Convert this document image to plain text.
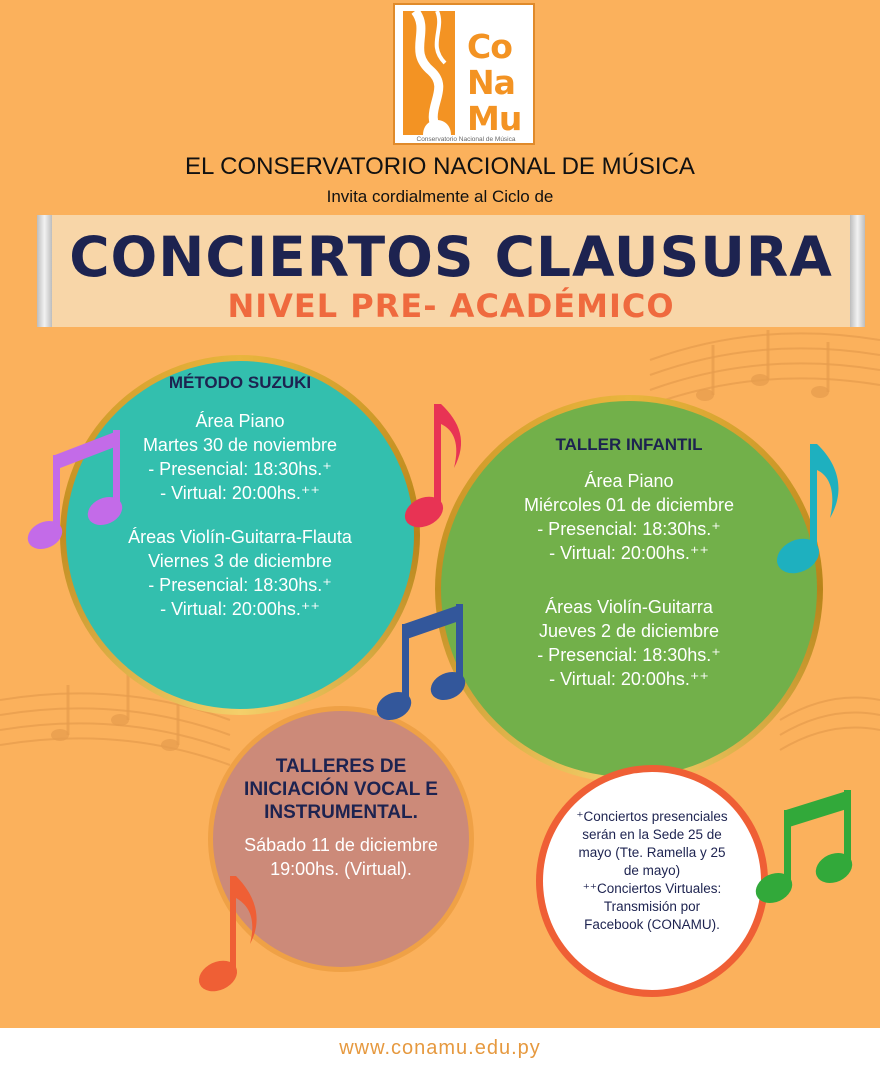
Co
Na
Mu
Conservatorio Nacional de Música
EL CONSERVATORIO NACIONAL DE MÚSICA
Invita cordialmente al Ciclo de
CONCIERTOS CLAUSURA
NIVEL PRE- ACADÉMICO
MÉTODO SUZUKI
Área Piano
Martes 30 de noviembre
- Presencial: 18:30hs.⁺
- Virtual: 20:00hs.⁺⁺
Áreas Violín-Guitarra-Flauta
Viernes 3 de diciembre
- Presencial: 18:30hs.⁺
- Virtual: 20:00hs.⁺⁺
TALLER INFANTIL
Área Piano
Miércoles 01 de diciembre
- Presencial: 18:30hs.⁺
- Virtual: 20:00hs.⁺⁺
Áreas Violín-Guitarra
Jueves 2 de diciembre
- Presencial: 18:30hs.⁺
- Virtual: 20:00hs.⁺⁺
TALLERES DE
INICIACIÓN VOCAL E
INSTRUMENTAL.
Sábado 11 de diciembre
19:00hs. (Virtual).
⁺Conciertos presenciales
serán en la Sede 25 de
mayo (Tte. Ramella y 25
de mayo)
⁺⁺Conciertos Virtuales:
Transmisión por
Facebook (CONAMU).
www.conamu.edu.py
